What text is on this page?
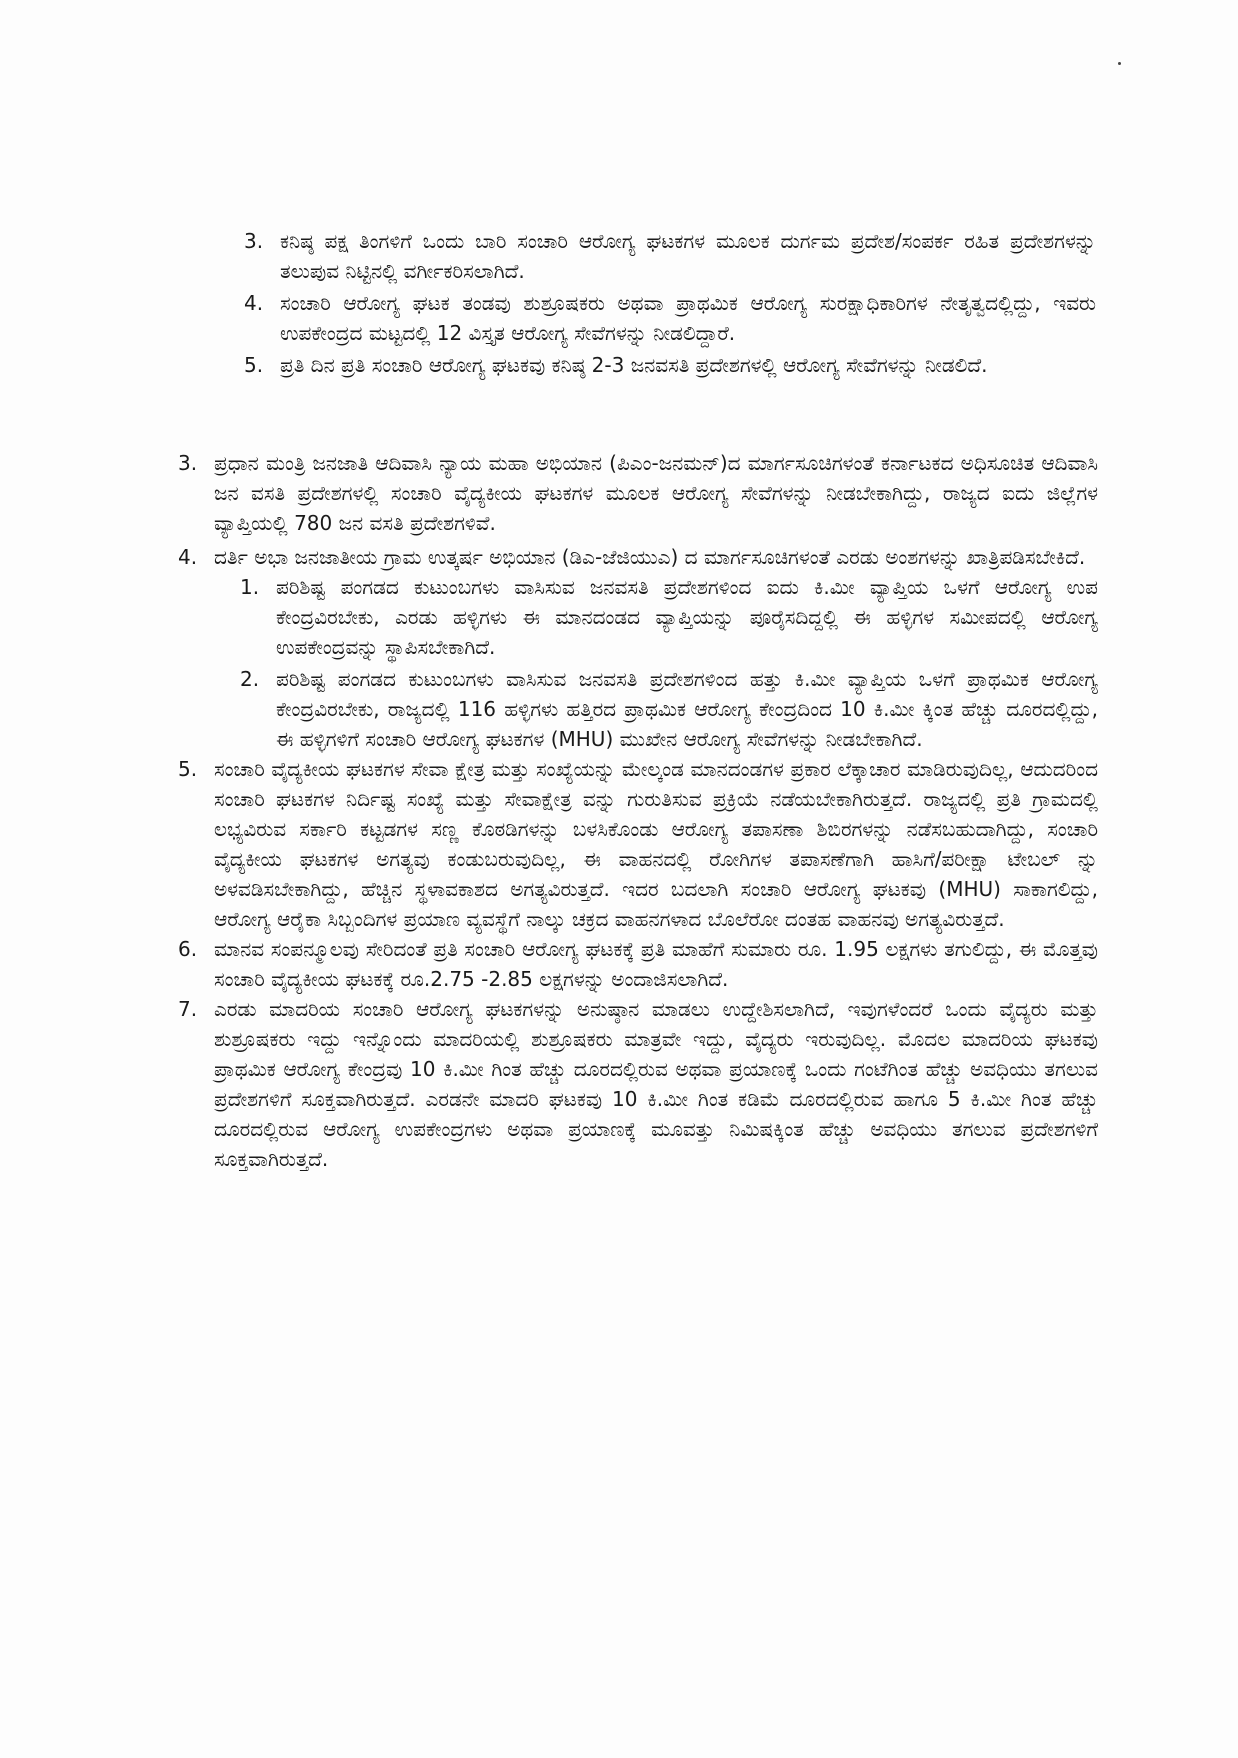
3. ಕನಿಷ್ಠ ಪಕ್ಷ ತಿಂಗಳಿಗೆ ಒಂದು ಬಾರಿ ಸಂಚಾರಿ ಆರೋಗ್ಯ ಘಟಕಗಳ ಮೂಲಕ ದುರ್ಗಮ ಪ್ರದೇಶ/ಸಂಪರ್ಕ ರಹಿತ ಪ್ರದೇಶಗಳನ್ನು ತಲುಪುವ ನಿಟ್ಟಿನಲ್ಲಿ ವರ್ಗೀಕರಿಸಲಾಗಿದೆ.
4. ಸಂಚಾರಿ ಆರೋಗ್ಯ ಘಟಕ ತಂಡವು ಶುಶ್ರೂಷಕರು ಅಥವಾ ಪ್ರಾಥಮಿಕ ಆರೋಗ್ಯ ಸುರಕ್ಷಾಧಿಕಾರಿಗಳ ನೇತೃತ್ವದಲ್ಲಿದ್ದು, ಇವರು ಉಪಕೇಂದ್ರದ ಮಟ್ಟದಲ್ಲಿ 12 ವಿಸ್ತೃತ ಆರೋಗ್ಯ ಸೇವೆಗಳನ್ನು ನೀಡಲಿದ್ದಾರೆ.
5. ಪ್ರತಿ ದಿನ ಪ್ರತಿ ಸಂಚಾರಿ ಆರೋಗ್ಯ ಘಟಕವು ಕನಿಷ್ಠ 2-3 ಜನವಸತಿ ಪ್ರದೇಶಗಳಲ್ಲಿ ಆರೋಗ್ಯ ಸೇವೆಗಳನ್ನು ನೀಡಲಿದೆ.
3. ಪ್ರಧಾನ ಮಂತ್ರಿ ಜನಜಾತಿ ಆದಿವಾಸಿ ನ್ಯಾಯ ಮಹಾ ಅಭಿಯಾನ (ಪಿಎಂ-ಜನಮನ್)ದ ಮಾರ್ಗಸೂಚಿಗಳಂತೆ ಕರ್ನಾಟಕದ ಅಧಿಸೂಚಿತ ಆದಿವಾಸಿ ಜನ ವಸತಿ ಪ್ರದೇಶಗಳಲ್ಲಿ ಸಂಚಾರಿ ವೈದ್ಯಕೀಯ ಘಟಕಗಳ ಮೂಲಕ ಆರೋಗ್ಯ ಸೇವೆಗಳನ್ನು ನೀಡಬೇಕಾಗಿದ್ದು, ರಾಜ್ಯದ ಐದು ಜಿಲ್ಲೆಗಳ ವ್ಯಾಪ್ತಿಯಲ್ಲಿ 780 ಜನ ವಸತಿ ಪ್ರದೇಶಗಳಿವೆ.
4. ದರ್ತಿ ಅಭಾ ಜನಜಾತೀಯ ಗ್ರಾಮ ಉತ್ಕರ್ಷ ಅಭಿಯಾನ (ಡಿಎ-ಜೆಜಿಯುಎ) ದ ಮಾರ್ಗಸೂಚಿಗಳಂತೆ ಎರಡು ಅಂಶಗಳನ್ನು ಖಾತ್ರಿಪಡಿಸಬೇಕಿದೆ.
1. ಪರಿಶಿಷ್ಟ ಪಂಗಡದ ಕುಟುಂಬಗಳು ವಾಸಿಸುವ ಜನವಸತಿ ಪ್ರದೇಶಗಳಿಂದ ಐದು ಕಿ.ಮೀ ವ್ಯಾಪ್ತಿಯ ಒಳಗೆ ಆರೋಗ್ಯ ಉಪ ಕೇಂದ್ರವಿರಬೇಕು, ಎರಡು ಹಳ್ಳಿಗಳು ಈ ಮಾನದಂಡದ ವ್ಯಾಪ್ತಿಯನ್ನು ಪೂರೈಸದಿದ್ದಲ್ಲಿ ಈ ಹಳ್ಳಿಗಳ ಸಮೀಪದಲ್ಲಿ ಆರೋಗ್ಯ ಉಪಕೇಂದ್ರವನ್ನು ಸ್ಥಾಪಿಸಬೇಕಾಗಿದೆ.
2. ಪರಿಶಿಷ್ಟ ಪಂಗಡದ ಕುಟುಂಬಗಳು ವಾಸಿಸುವ ಜನವಸತಿ ಪ್ರದೇಶಗಳಿಂದ ಹತ್ತು ಕಿ.ಮೀ ವ್ಯಾಪ್ತಿಯ ಒಳಗೆ ಪ್ರಾಥಮಿಕ ಆರೋಗ್ಯ ಕೇಂದ್ರವಿರಬೇಕು, ರಾಜ್ಯದಲ್ಲಿ 116 ಹಳ್ಳಿಗಳು ಹತ್ತಿರದ ಪ್ರಾಥಮಿಕ ಆರೋಗ್ಯ ಕೇಂದ್ರದಿಂದ 10 ಕಿ.ಮೀ ಕ್ಕಿಂತ ಹೆಚ್ಚು ದೂರದಲ್ಲಿದ್ದು, ಈ ಹಳ್ಳಿಗಳಿಗೆ ಸಂಚಾರಿ ಆರೋಗ್ಯ ಘಟಕಗಳ (MHU) ಮುಖೇನ ಆರೋಗ್ಯ ಸೇವೆಗಳನ್ನು ನೀಡಬೇಕಾಗಿದೆ.
5. ಸಂಚಾರಿ ವೈದ್ಯಕೀಯ ಘಟಕಗಳ ಸೇವಾ ಕ್ಷೇತ್ರ ಮತ್ತು ಸಂಖ್ಯೆಯನ್ನು ಮೇಲ್ಕಂಡ ಮಾನದಂಡಗಳ ಪ್ರಕಾರ ಲೆಕ್ಕಾಚಾರ ಮಾಡಿರುವುದಿಲ್ಲ, ಆದುದರಿಂದ ಸಂಚಾರಿ ಘಟಕಗಳ ನಿರ್ದಿಷ್ಟ ಸಂಖ್ಯೆ ಮತ್ತು ಸೇವಾಕ್ಷೇತ್ರ ವನ್ನು ಗುರುತಿಸುವ ಪ್ರಕ್ರಿಯೆ ನಡೆಯಬೇಕಾಗಿರುತ್ತದೆ. ರಾಜ್ಯದಲ್ಲಿ ಪ್ರತಿ ಗ್ರಾಮದಲ್ಲಿ ಲಭ್ಯವಿರುವ ಸರ್ಕಾರಿ ಕಟ್ಟಡಗಳ ಸಣ್ಣ ಕೊಠಡಿಗಳನ್ನು ಬಳಸಿಕೊಂಡು ಆರೋಗ್ಯ ತಪಾಸಣಾ ಶಿಬಿರಗಳನ್ನು ನಡೆಸಬಹುದಾಗಿದ್ದು, ಸಂಚಾರಿ ವೈದ್ಯಕೀಯ ಘಟಕಗಳ ಅಗತ್ಯವು ಕಂಡುಬರುವುದಿಲ್ಲ, ಈ ವಾಹನದಲ್ಲಿ ರೋಗಿಗಳ ತಪಾಸಣೆಗಾಗಿ ಹಾಸಿಗೆ/ಪರೀಕ್ಷಾ ಟೇಬಲ್ ನ್ನು ಅಳವಡಿಸಬೇಕಾಗಿದ್ದು, ಹೆಚ್ಚಿನ ಸ್ಥಳಾವಕಾಶದ ಅಗತ್ಯವಿರುತ್ತದೆ. ಇದರ ಬದಲಾಗಿ ಸಂಚಾರಿ ಆರೋಗ್ಯ ಘಟಕವು (MHU) ಸಾಕಾಗಲಿದ್ದು, ಆರೋಗ್ಯ ಆರೈಕಾ ಸಿಬ್ಬಂದಿಗಳ ಪ್ರಯಾಣ ವ್ಯವಸ್ಥೆಗೆ ನಾಲ್ಕು ಚಕ್ರದ ವಾಹನಗಳಾದ ಬೊಲೆರೋ ದಂತಹ ವಾಹನವು ಅಗತ್ಯವಿರುತ್ತದೆ.
6. ಮಾನವ ಸಂಪನ್ಮೂಲವು ಸೇರಿದಂತೆ ಪ್ರತಿ ಸಂಚಾರಿ ಆರೋಗ್ಯ ಘಟಕಕ್ಕೆ ಪ್ರತಿ ಮಾಹೆಗೆ ಸುಮಾರು ರೂ. 1.95 ಲಕ್ಷಗಳು ತಗುಲಿದ್ದು, ಈ ಮೊತ್ತವು ಸಂಚಾರಿ ವೈದ್ಯಕೀಯ ಘಟಕಕ್ಕೆ ರೂ.2.75 -2.85 ಲಕ್ಷಗಳನ್ನು ಅಂದಾಜಿಸಲಾಗಿದೆ.
7. ಎರಡು ಮಾದರಿಯ ಸಂಚಾರಿ ಆರೋಗ್ಯ ಘಟಕಗಳನ್ನು ಅನುಷ್ಠಾನ ಮಾಡಲು ಉದ್ದೇಶಿಸಲಾಗಿದೆ, ಇವುಗಳೆಂದರೆ ಒಂದು ವೈದ್ಯರು ಮತ್ತು ಶುಶ್ರೂಷಕರು ಇದ್ದು ಇನ್ನೊಂದು ಮಾದರಿಯಲ್ಲಿ ಶುಶ್ರೂಷಕರು ಮಾತ್ರವೇ ಇದ್ದು, ವೈದ್ಯರು ಇರುವುದಿಲ್ಲ. ಮೊದಲ ಮಾದರಿಯ ಘಟಕವು ಪ್ರಾಥಮಿಕ ಆರೋಗ್ಯ ಕೇಂದ್ರವು 10 ಕಿ.ಮೀ ಗಿಂತ ಹೆಚ್ಚು ದೂರದಲ್ಲಿರುವ ಅಥವಾ ಪ್ರಯಾಣಕ್ಕೆ ಒಂದು ಗಂಟೆಗಿಂತ ಹೆಚ್ಚು ಅವಧಿಯು ತಗಲುವ ಪ್ರದೇಶಗಳಿಗೆ ಸೂಕ್ತವಾಗಿರುತ್ತದೆ. ಎರಡನೇ ಮಾದರಿ ಘಟಕವು 10 ಕಿ.ಮೀ ಗಿಂತ ಕಡಿಮೆ ದೂರದಲ್ಲಿರುವ ಹಾಗೂ 5 ಕಿ.ಮೀ ಗಿಂತ ಹೆಚ್ಚು ದೂರದಲ್ಲಿರುವ ಆರೋಗ್ಯ ಉಪಕೇಂದ್ರಗಳು ಅಥವಾ ಪ್ರಯಾಣಕ್ಕೆ ಮೂವತ್ತು ನಿಮಿಷಕ್ಕಿಂತ ಹೆಚ್ಚು ಅವಧಿಯು ತಗಲುವ ಪ್ರದೇಶಗಳಿಗೆ ಸೂಕ್ತವಾಗಿರುತ್ತದೆ.
